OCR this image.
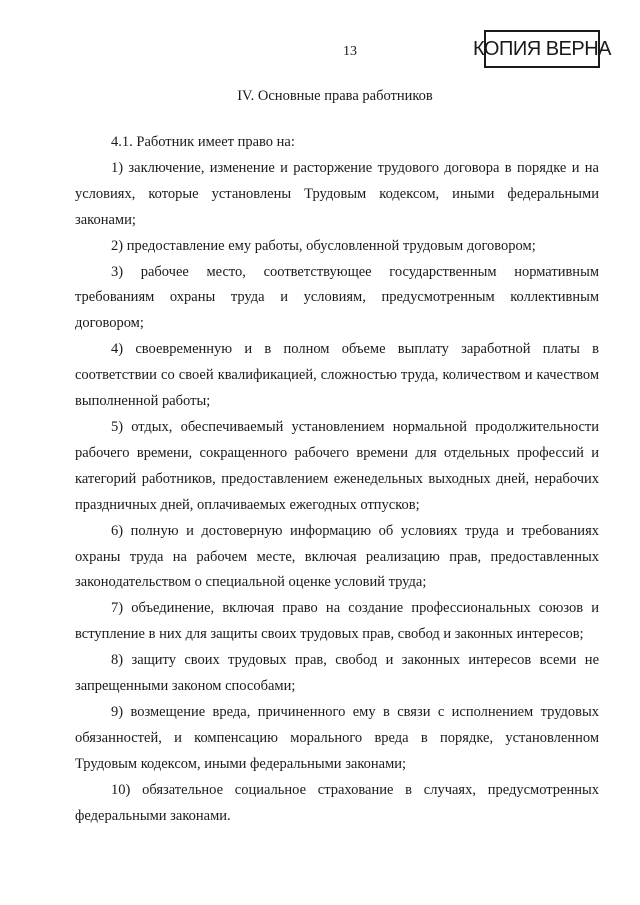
13	КОПИЯ ВЕРНА
IV. Основные права работников

4.1. Работник имеет право на:

1) заключение, изменение и расторжение трудового договора в порядке и на условиях, которые установлены Трудовым кодексом, иными федеральными законами;

2) предоставление ему работы, обусловленной трудовым договором;

3) рабочее место, соответствующее государственным нормативным требованиям охраны труда и условиям, предусмотренным коллективным договором;

4) своевременную и в полном объеме выплату заработной платы в соответствии со своей квалификацией, сложностью труда, количеством и качеством выполненной работы;

5) отдых, обеспечиваемый установлением нормальной продолжительности рабочего времени, сокращенного рабочего времени для отдельных профессий и категорий работников, предоставлением еженедельных выходных дней, нерабочих праздничных дней, оплачиваемых ежегодных отпусков;

6) полную и достоверную информацию об условиях труда и требованиях охраны труда на рабочем месте, включая реализацию прав, предоставленных законодательством о специальной оценке условий труда;

7) объединение, включая право на создание профессиональных союзов и вступление в них для защиты своих трудовых прав, свобод и законных интересов;

8) защиту своих трудовых прав, свобод и законных интересов всеми не запрещенными законом способами;

9) возмещение вреда, причиненного ему в связи с исполнением трудовых обязанностей, и компенсацию морального вреда в порядке, установленном Трудовым кодексом, иными федеральными законами;

10) обязательное социальное страхование в случаях, предусмотренных федеральными законами.
